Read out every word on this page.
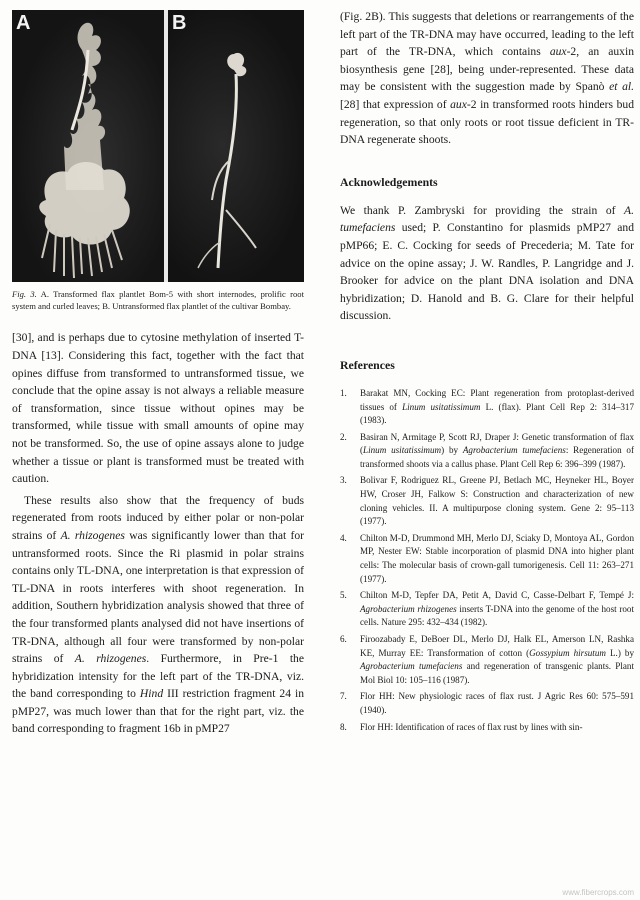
A	B
Fig. 3. A. Transformed flax plantlet Bom-5 with short internodes, prolific root system and curled leaves; B. Untransformed flax plantlet of the cultivar Bombay.

[30], and is perhaps due to cytosine methylation of inserted T-DNA [13]. Considering this fact, together with the fact that opines diffuse from transformed to untransformed tissue, we conclude that the opine assay is not always a reliable measure of transformation, since tissue without opines may be transformed, while tissue with small amounts of opine may not be transformed. So, the use of opine assays alone to judge whether a tissue or plant is transformed must be treated with caution.

These results also show that the frequency of buds regenerated from roots induced by either polar or non-polar strains of A. rhizogenes was significantly lower than that for untransformed roots. Since the Ri plasmid in polar strains contains only TL-DNA, one interpretation is that expression of TL-DNA in roots interferes with shoot regeneration. In addition, Southern hybridization analysis showed that three of the four transformed plants analysed did not have insertions of TR-DNA, although all four were transformed by non-polar strains of A. rhizogenes. Furthermore, in Pre-1 the hybridization intensity for the left part of the TR-DNA, viz. the band corresponding to Hind III restriction fragment 24 in pMP27, was much lower than that for the right part, viz. the band corresponding to fragment 16b in pMP27

(Fig. 2B). This suggests that deletions or rearrangements of the left part of the TR-DNA may have occurred, leading to the left part of the TR-DNA, which contains aux-2, an auxin biosynthesis gene [28], being under-represented. These data may be consistent with the suggestion made by Spanò et al. [28] that expression of aux-2 in transformed roots hinders bud regeneration, so that only roots or root tissue deficient in TR-DNA regenerate shoots.

Acknowledgements

We thank P. Zambryski for providing the strain of A. tumefaciens used; P. Constantino for plasmids pMP27 and pMP66; E. C. Cocking for seeds of Precederia; M. Tate for advice on the opine assay; J. W. Randles, P. Langridge and J. Brooker for advice on the plant DNA isolation and DNA hybridization; D. Hanold and B. G. Clare for their helpful discussion.

References
1. Barakat MN, Cocking EC: Plant regeneration from protoplast-derived tissues of Linum usitatissimum L. (flax). Plant Cell Rep 2: 314–317 (1983).
2. Basiran N, Armitage P, Scott RJ, Draper J: Genetic transformation of flax (Linum usitatissimum) by Agrobacterium tumefaciens: Regeneration of transformed shoots via a callus phase. Plant Cell Rep 6: 396–399 (1987).
3. Bolivar F, Rodriguez RL, Greene PJ, Betlach MC, Heyneker HL, Boyer HW, Croser JH, Falkow S: Construction and characterization of new cloning vehicles. II. A multipurpose cloning system. Gene 2: 95–113 (1977).
4. Chilton M-D, Drummond MH, Merlo DJ, Sciaky D, Montoya AL, Gordon MP, Nester EW: Stable incorporation of plasmid DNA into higher plant cells: The molecular basis of crown-gall tumorigenesis. Cell 11: 263–271 (1977).
5. Chilton M-D, Tepfer DA, Petit A, David C, Casse-Delbart F, Tempé J: Agrobacterium rhizogenes inserts T-DNA into the genome of the host root cells. Nature 295: 432–434 (1982).
6. Firoozabady E, DeBoer DL, Merlo DJ, Halk EL, Amerson LN, Rashka KE, Murray EE: Transformation of cotton (Gossypium hirsutum L.) by Agrobacterium tumefaciens and regeneration of transgenic plants. Plant Mol Biol 10: 105–116 (1987).
7. Flor HH: New physiologic races of flax rust. J Agric Res 60: 575–591 (1940).
8. Flor HH: Identification of races of flax rust by lines with sin-
www.fibercrops.com
